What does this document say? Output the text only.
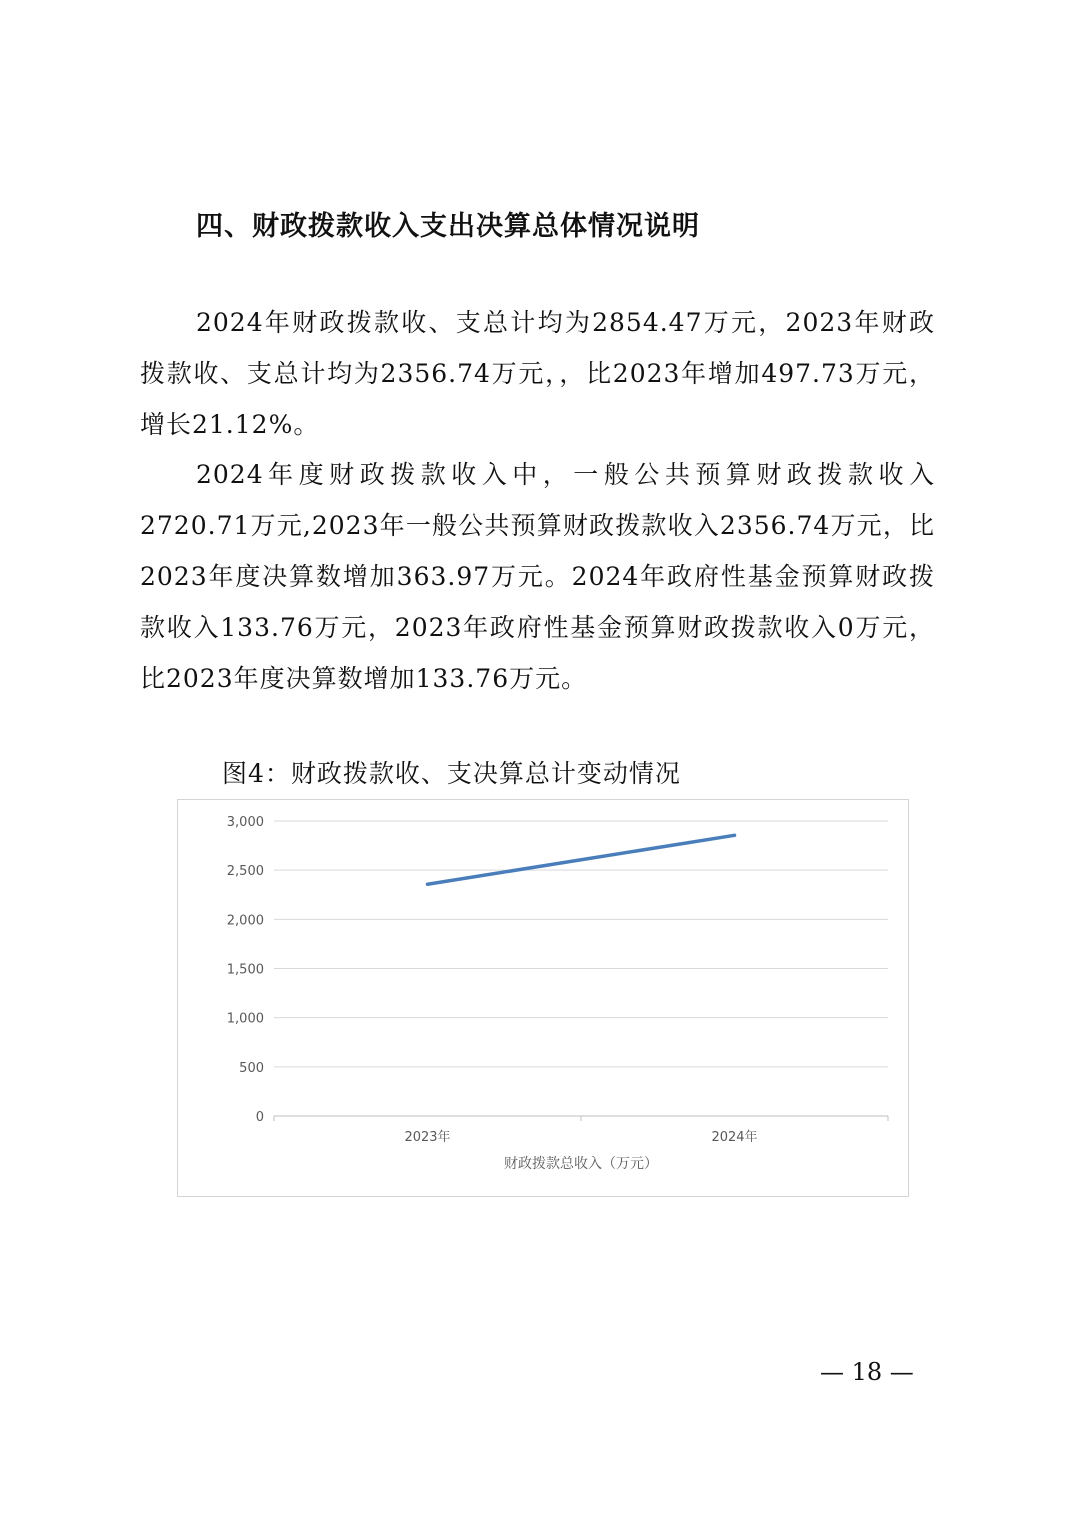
四、财政拨款收入支出决算总体情况说明

2024年财政拨款收、支总计均为2854.47万元，2023年财政拨款收、支总计均为2356.74万元，，比2023年增加497.73万元，增长21.12%。

2024年度财政拨款收入中，一般公共预算财政拨款收入2720.71万元,2023年一般公共预算财政拨款收入2356.74万元，比2023年度决算数增加363.97万元。2024年政府性基金预算财政拨款收入133.76万元，2023年政府性基金预算财政拨款收入0万元，比2023年度决算数增加133.76万元。

图4：财政拨款收、支决算总计变动情况
0
500
1,000
1,500
2,000
2,500
3,000
2023年	2024年
财政拨款总收入（万元）
— 18 —
